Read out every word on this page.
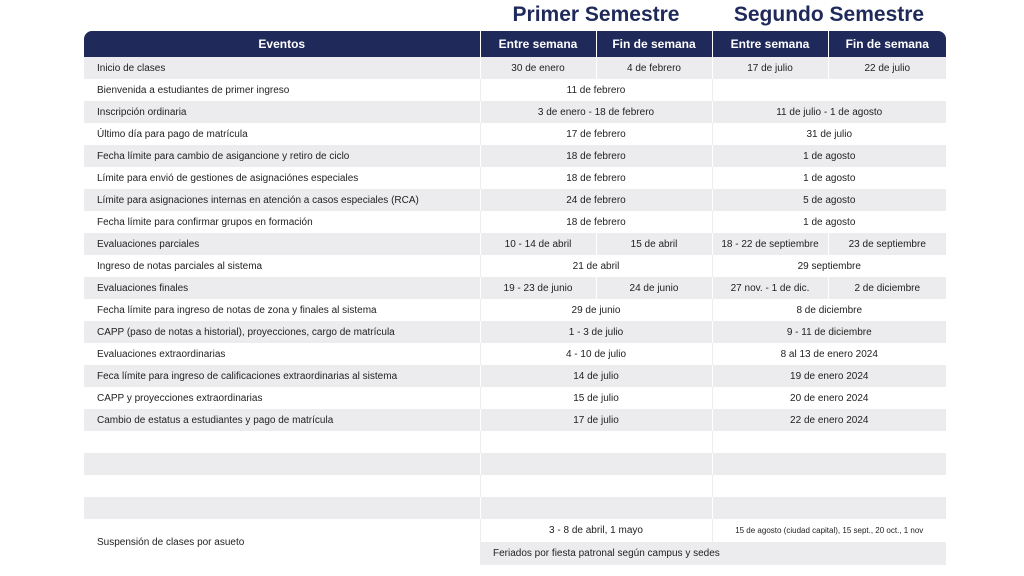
Primer Semestre	Segundo Semestre
Eventos	Entre semana	Fin de semana	Entre semana	Fin de semana
Inicio de clases	30 de enero	4 de febrero	17 de julio	22 de julio
Bienvenida a estudiantes de primer ingreso	11 de febrero			
Inscripción ordinaria	3 de enero - 18 de febrero		11 de julio - 1 de agosto	
Último día para pago de matrícula	17 de febrero		31 de julio	
Fecha límite para cambio de asigancione y retiro de ciclo	18 de febrero		1 de agosto	
Límite para envió de gestiones de asignaciónes especiales	18 de febrero		1 de agosto	
Límite para asignaciones internas en atención a casos especiales (RCA)	24 de febrero		5 de agosto	
Fecha límite para confirmar grupos en formación	18 de febrero		1 de agosto	
Evaluaciones parciales	10 - 14 de abril	15 de abril	18 - 22 de septiembre	23 de septiembre
Ingreso de notas parciales al sistema	21 de abril		29 septiembre	
Evaluaciones finales	19 - 23 de junio	24 de junio	27 nov. - 1 de dic.	2 de diciembre
Fecha límite para ingreso de notas de zona y finales al sistema	29 de junio		8 de diciembre	
CAPP (paso de notas a historial), proyecciones, cargo de matrícula	1 - 3 de julio		9 - 11 de diciembre	
Evaluaciones extraordinarias	4 - 10 de julio		8 al 13 de enero 2024	
Feca límite para ingreso de calificaciones extraordinarias al sistema	14 de julio		19 de enero 2024	
CAPP y proyecciones extraordinarias	15 de julio		20 de enero 2024	
Cambio de estatus a estudiantes y pago de matrícula	17 de julio		22 de enero 2024	

Suspensión de clases por asueto	3 - 8 de abril, 1 mayo		15 de agosto (ciudad capital), 15 sept., 20 oct., 1 nov	
	Feriados por fiesta patronal según campus y sedes			
